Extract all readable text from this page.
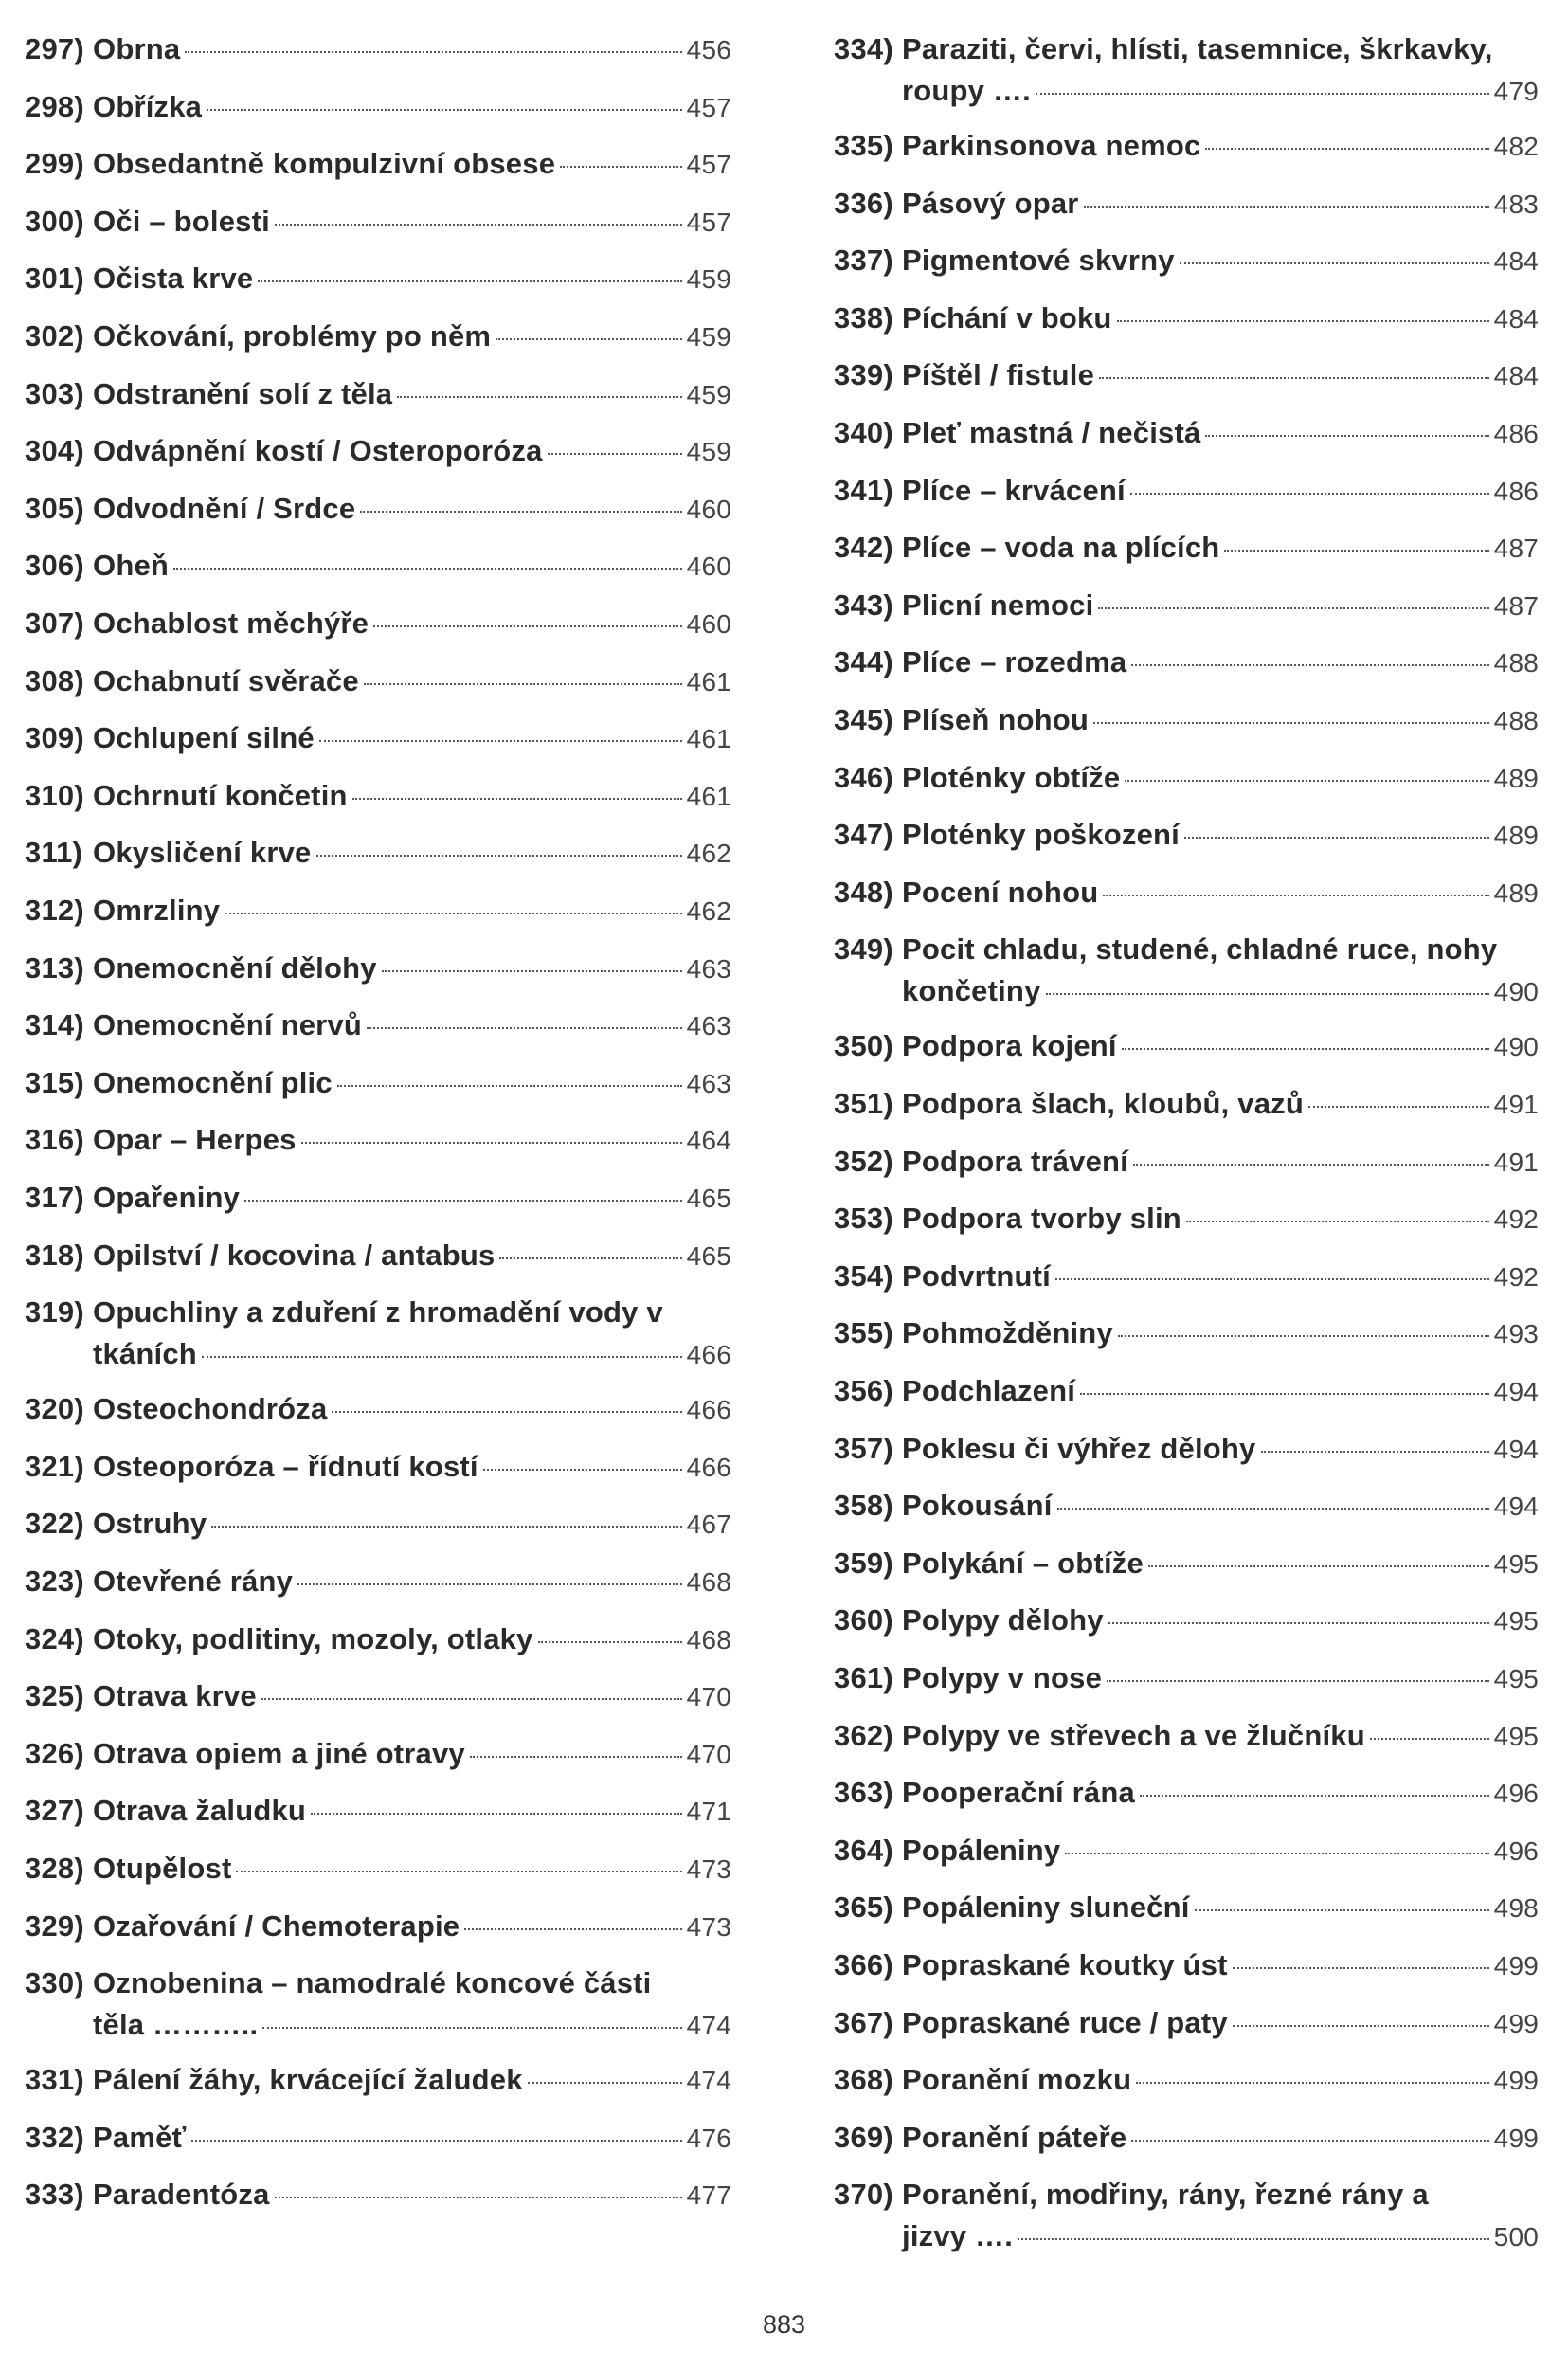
297) Obrna	456
298) Obřízka	457
299) Obsedantně kompulzivní obsese	457
300) Oči – bolesti	457
301) Očista krve	459
302) Očkování, problémy po něm	459
303) Odstranění solí z těla	459
304) Odvápnění kostí / Osteroporóza	459
305) Odvodnění / Srdce	460
306) Oheň	460
307) Ochablost měchýře	460
308) Ochabnutí svěrače	461
309) Ochlupení silné	461
310) Ochrnutí končetin	461
311) Okysličení krve	462
312) Omrzliny	462
313) Onemocnění dělohy	463
314) Onemocnění nervů	463
315) Onemocnění plic	463
316) Opar – Herpes	464
317) Opařeniny	465
318) Opilství / kocovina / antabus	465
319) Opuchliny a zduření z hromadění vody v
tkáních	466
320) Osteochondróza	466
321) Osteoporóza – řídnutí kostí	466
322) Ostruhy	467
323) Otevřené rány	468
324) Otoky, podlitiny, mozoly, otlaky	468
325) Otrava krve	470
326) Otrava opiem a jiné otravy	470
327) Otrava žaludku	471
328) Otupělost	473
329) Ozařování / Chemoterapie	473
330) Oznobenina – namodralé koncové části
těla ………..	474
331) Pálení žáhy, krvácející žaludek	474
332) Paměť	476
333) Paradentóza	477
334) Paraziti, červi, hlísti, tasemnice, škrkavky,
roupy ….	479
335) Parkinsonova nemoc	482
336) Pásový opar	483
337) Pigmentové skvrny	484
338) Píchání v boku	484
339) Píštěl / fistule	484
340) Pleť mastná / nečistá	486
341) Plíce – krvácení	486
342) Plíce – voda na plících	487
343) Plicní nemoci	487
344) Plíce – rozedma	488
345) Plíseň nohou	488
346) Ploténky obtíže	489
347) Ploténky poškození	489
348) Pocení nohou	489
349) Pocit chladu, studené, chladné ruce, nohy
končetiny	490
350) Podpora kojení	490
351) Podpora šlach, kloubů, vazů	491
352) Podpora trávení	491
353) Podpora tvorby slin	492
354) Podvrtnutí	492
355) Pohmožděniny	493
356) Podchlazení	494
357) Poklesu či výhřez dělohy	494
358) Pokousání	494
359) Polykání – obtíže	495
360) Polypy dělohy	495
361) Polypy v nose	495
362) Polypy ve střevech a ve žlučníku	495
363) Pooperační rána	496
364) Popáleniny	496
365) Popáleniny sluneční	498
366) Popraskané koutky úst	499
367) Popraskané ruce / paty	499
368) Poranění mozku	499
369) Poranění páteře	499
370) Poranění, modřiny, rány, řezné rány a
jizvy ….	500
883
